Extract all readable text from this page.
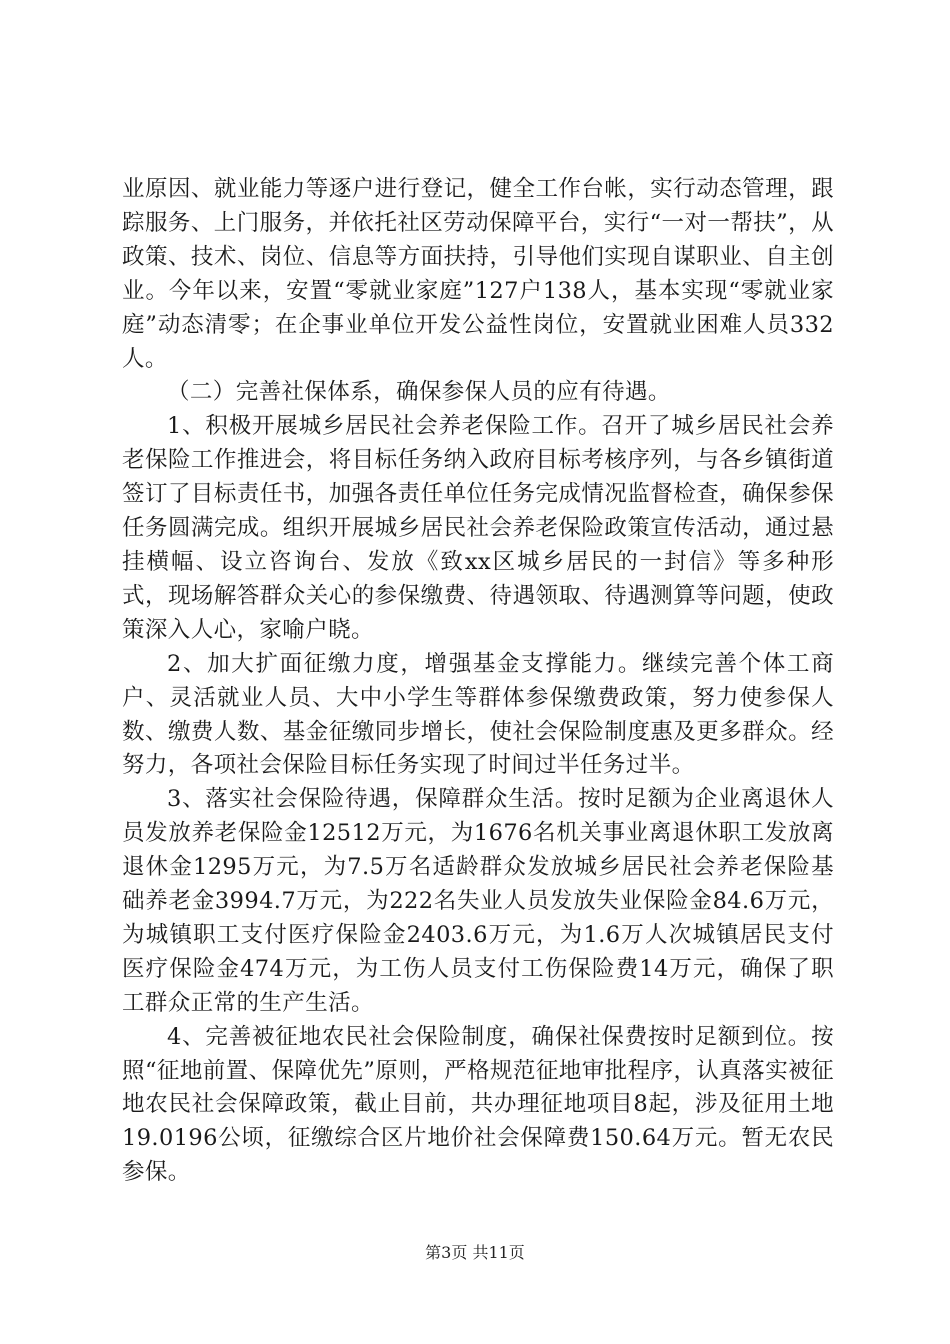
业原因、就业能力等逐户进行登记，健全工作台帐，实行动态管理，跟踪服务、上门服务，并依托社区劳动保障平台，实行“一对一帮扶”，从政策、技术、岗位、信息等方面扶持，引导他们实现自谋职业、自主创业。今年以来，安置“零就业家庭”127户138人，基本实现“零就业家庭”动态清零；在企事业单位开发公益性岗位，安置就业困难人员332人。

（二）完善社保体系，确保参保人员的应有待遇。

1、积极开展城乡居民社会养老保险工作。召开了城乡居民社会养老保险工作推进会，将目标任务纳入政府目标考核序列，与各乡镇街道签订了目标责任书，加强各责任单位任务完成情况监督检查，确保参保任务圆满完成。组织开展城乡居民社会养老保险政策宣传活动，通过悬挂横幅、设立咨询台、发放《致xx区城乡居民的一封信》等多种形式，现场解答群众关心的参保缴费、待遇领取、待遇测算等问题，使政策深入人心，家喻户晓。

2、加大扩面征缴力度，增强基金支撑能力。继续完善个体工商户、灵活就业人员、大中小学生等群体参保缴费政策，努力使参保人数、缴费人数、基金征缴同步增长，使社会保险制度惠及更多群众。经努力，各项社会保险目标任务实现了时间过半任务过半。

3、落实社会保险待遇，保障群众生活。按时足额为企业离退休人员发放养老保险金12512万元，为1676名机关事业离退休职工发放离退休金1295万元，为7.5万名适龄群众发放城乡居民社会养老保险基础养老金3994.7万元，为222名失业人员发放失业保险金84.6万元，为城镇职工支付医疗保险金2403.6万元，为1.6万人次城镇居民支付医疗保险金474万元，为工伤人员支付工伤保险费14万元，确保了职工群众正常的生产生活。

4、完善被征地农民社会保险制度，确保社保费按时足额到位。按照“征地前置、保障优先”原则，严格规范征地审批程序，认真落实被征地农民社会保障政策，截止目前，共办理征地项目8起，涉及征用土地19.0196公顷，征缴综合区片地价社会保障费150.64万元。暂无农民参保。

第3页 共11页
